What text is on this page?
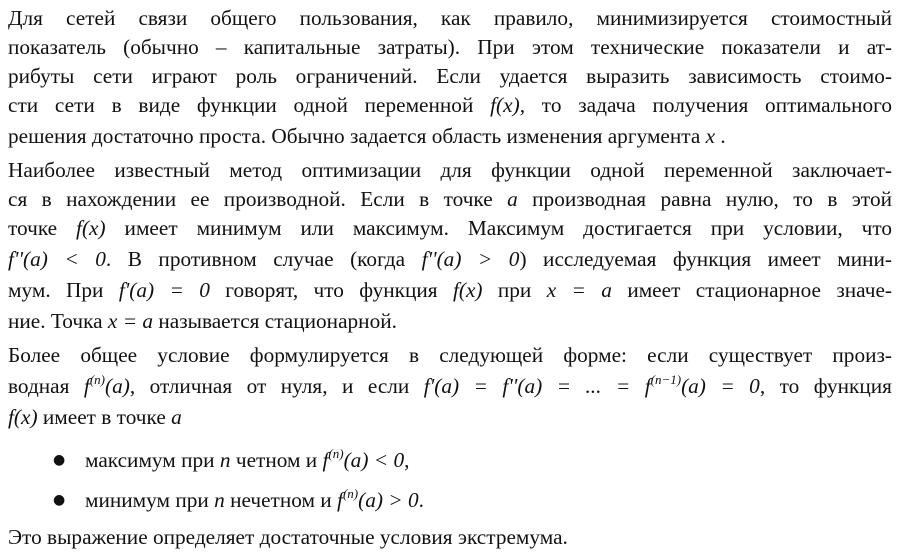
Для сетей связи общего пользования, как правило, минимизируется стоимостный
показатель (обычно – капитальные затраты). При этом технические показатели и ат-
рибуты сети играют роль ограничений. Если удается выразить зависимость стоимо-
сти сети в виде функции одной переменной f(x), то задача получения оптимального
решения достаточно проста. Обычно задается область изменения аргумента x .
Наиболее известный метод оптимизации для функции одной переменной заключает-
ся в нахождении ее производной. Если в точке a производная равна нулю, то в этой
точке f(x) имеет минимум или максимум. Максимум достигается при условии, что
f''(a) < 0. В противном случае (когда f''(a) > 0) исследуемая функция имеет мини-
мум. При f'(a) = 0 говорят, что функция f(x) при x = a имеет стационарное значе-
ние. Точка x = a называется стационарной.
Более общее условие формулируется в следующей форме: если существует произ-
водная $f^{(n)}(a)$, отличная от нуля, и если f'(a) = f''(a) = ... = $f^{(n-1)}(a) = 0$, то функция
f(x) имеет в точке a
● максимум при n четном и $f^{(n)}(a) < 0$,
● минимум при n нечетном и $f^{(n)}(a) > 0$.
Это выражение определяет достаточные условия экстремума.
